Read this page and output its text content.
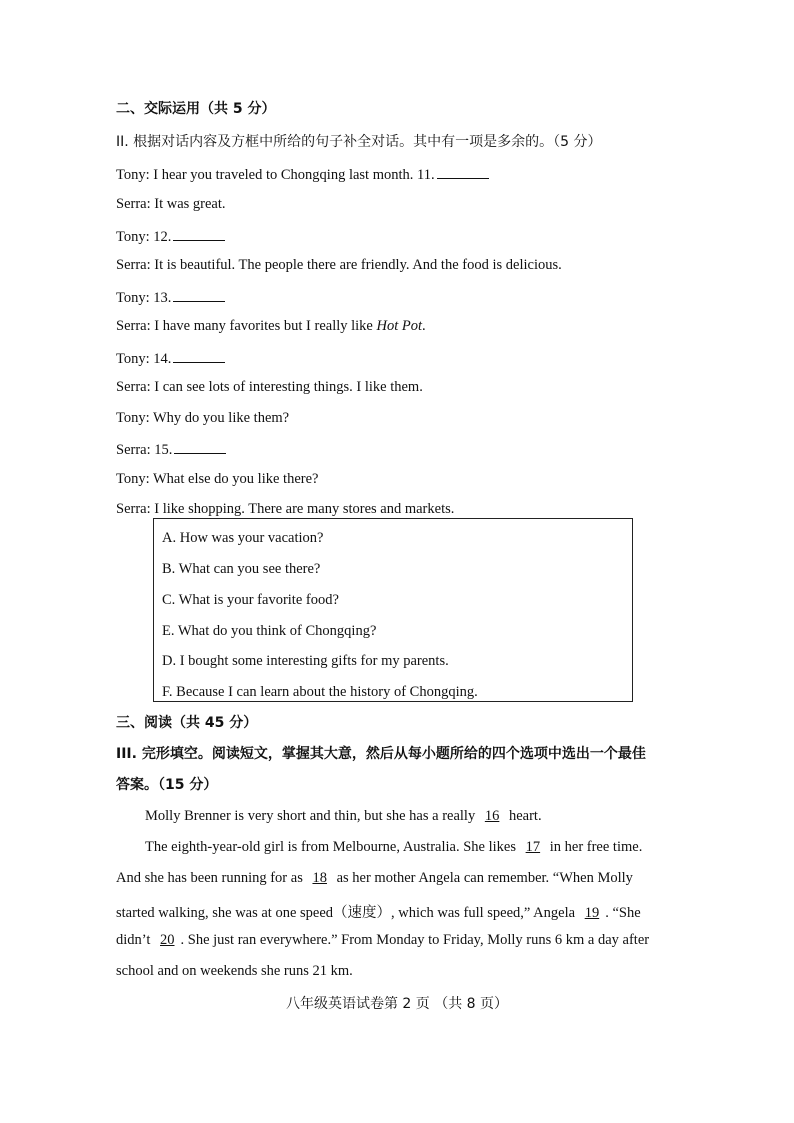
二、交际运用（共 5 分）
II. 根据对话内容及方框中所给的句子补全对话。其中有一项是多余的。（5 分）
Tony: I hear you traveled to Chongqing last month. 11.
Serra: It was great.
Tony: 12.
Serra: It is beautiful. The people there are friendly. And the food is delicious.
Tony: 13.
Serra: I have many favorites but I really like Hot Pot.
Tony: 14.
Serra: I can see lots of interesting things. I like them.
Tony: Why do you like them?
Serra: 15.
Tony: What else do you like there?
Serra: I like shopping. There are many stores and markets.
A. How was your vacation?
B. What can you see there?
C. What is your favorite food?
E. What do you think of Chongqing?
D. I bought some interesting gifts for my parents.
F. Because I can learn about the history of Chongqing.
三、阅读（共 45 分）
III. 完形填空。阅读短文，掌握其大意，然后从每小题所给的四个选项中选出一个最佳
答案。（15 分）
Molly Brenner is very short and thin, but she has a really 16 heart.
The eighth-year-old girl is from Melbourne, Australia. She likes 17 in her free time.
And she has been running for as 18 as her mother Angela can remember. “When Molly
started walking, she was at one speed（速度）, which was full speed,” Angela 19 . “She
didn’t 20 . She just ran everywhere.” From Monday to Friday, Molly runs 6 km a day after
school and on weekends she runs 21 km.
八年级英语试卷第 2 页 （共 8 页）
